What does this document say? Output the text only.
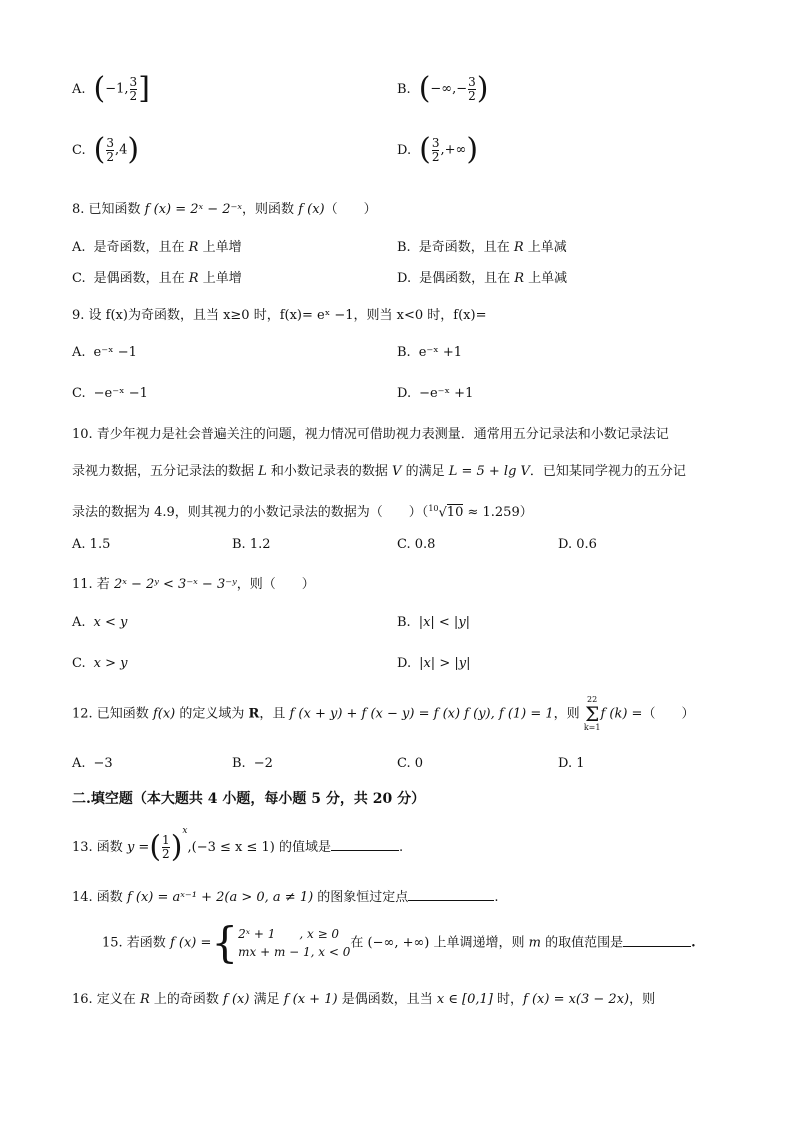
A. (−1, $\frac{3}{2}$ ]	B. (−∞,− $\frac{3}{2}$ )
C. ( $\frac{3}{2} ,4$)	D. ( $\frac{3}{2}$ ,+∞)
8. 已知函数 f (x) = 2ˣ − 2⁻ˣ，则函数 f (x)（　　）
A. 是奇函数，且在 R 上单增	B. 是奇函数，且在 R 上单减
C. 是偶函数，且在 R 上单增	D. 是偶函数，且在 R 上单减
9. 设 f(x)为奇函数，且当 x≥0 时，f(x)= eˣ −1，则当 x<0 时，f(x)=
A. e⁻ˣ −1	B. e⁻ˣ +1
C. −e⁻ˣ −1	D. −e⁻ˣ +1
10. 青少年视力是社会普遍关注的问题，视力情况可借助视力表测量．通常用五分记录法和小数记录法记
录视力数据，五分记录法的数据 L 和小数记录表的数据 V 的满足 L = 5 + lg V．已知某同学视力的五分记
录法的数据为 4.9，则其视力的小数记录法的数据为（　　）（$^{10}$√10 ≈ 1.259）
A. 1.5	B. 1.2	C. 0.8	D. 0.6
11. 若 2ˣ − 2ʸ < 3⁻ˣ − 3⁻ʸ，则（　　）
A. x < y	B. |x| < |y|
C. x > y	D. |x| > |y|
12. 已知函数 f(x) 的定义域为 R，且 f (x + y) + f (x − y) = f (x) f (y), f (1) = 1，则
22
Σ
k=1
f (k) =（　　）
A. −3	B. −2	C. 0	D. 1
二.填空题（本大题共 4 小题，每小题 5 分，共 20 分）
13. 函数 y =( $\frac{1}{2} )^x,(-3 \le x \le 1)$ 的值域是	.
14. 函数 f (x) = aˣ⁻¹ + 2(a > 0, a ≠ 1) 的图象恒过定点	.
15. 若函数 f (x) ={ 2ˣ + 1　　, x ≥ 0
mx + m − 1, x < 0
在 (−∞, +∞) 上单调递增，则 m 的取值范围是	.
16. 定义在 R 上的奇函数 f (x) 满足 f (x + 1) 是偶函数，且当 x ∈ [0,1] 时，f (x) = x(3 − 2x)，则
